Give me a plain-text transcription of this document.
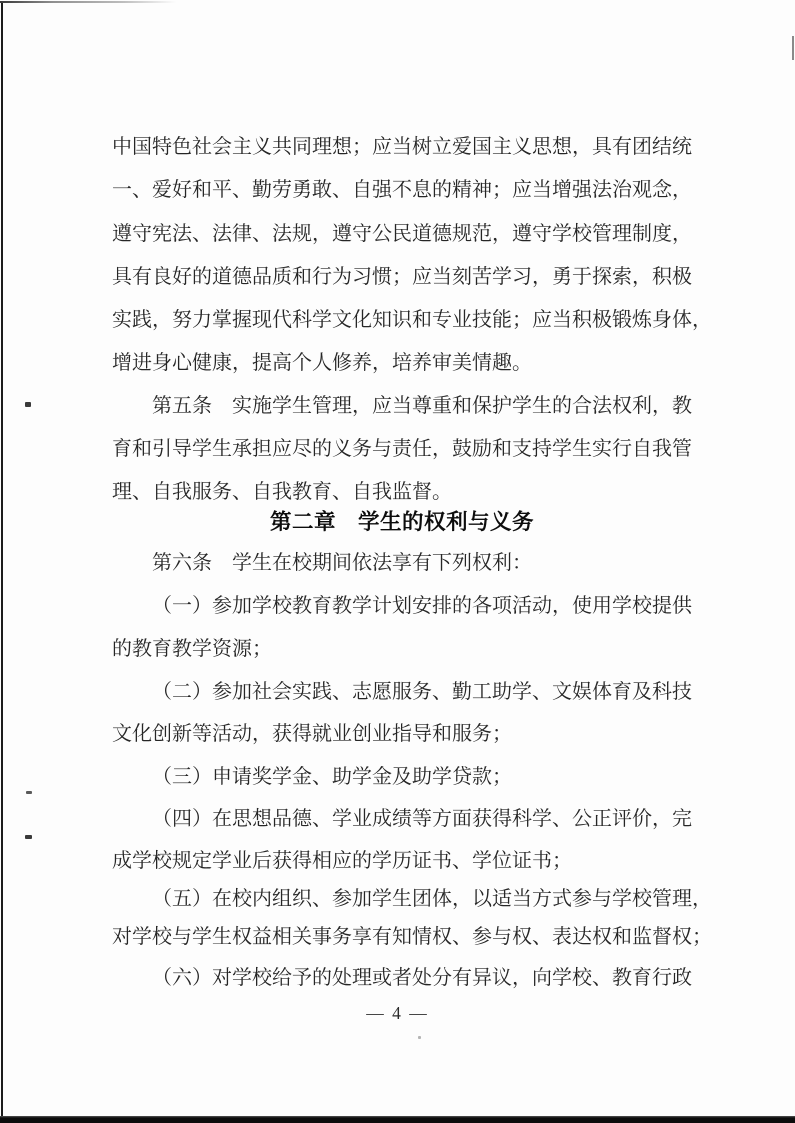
中国特色社会主义共同理想；应当树立爱国主义思想，具有团结统
一、爱好和平、勤劳勇敢、自强不息的精神；应当增强法治观念，
遵守宪法、法律、法规，遵守公民道德规范，遵守学校管理制度，
具有良好的道德品质和行为习惯；应当刻苦学习，勇于探索，积极
实践，努力掌握现代科学文化知识和专业技能；应当积极锻炼身体，
增进身心健康，提高个人修养，培养审美情趣。
第五条　实施学生管理，应当尊重和保护学生的合法权利，教
育和引导学生承担应尽的义务与责任，鼓励和支持学生实行自我管
理、自我服务、自我教育、自我监督。
第二章　学生的权利与义务
第六条　学生在校期间依法享有下列权利：
（一）参加学校教育教学计划安排的各项活动，使用学校提供
的教育教学资源；
（二）参加社会实践、志愿服务、勤工助学、文娱体育及科技
文化创新等活动，获得就业创业指导和服务；
（三）申请奖学金、助学金及助学贷款；
（四）在思想品德、学业成绩等方面获得科学、公正评价，完
成学校规定学业后获得相应的学历证书、学位证书；
（五）在校内组织、参加学生团体，以适当方式参与学校管理，
对学校与学生权益相关事务享有知情权、参与权、表达权和监督权；
（六）对学校给予的处理或者处分有异议，向学校、教育行政
— 4 —
